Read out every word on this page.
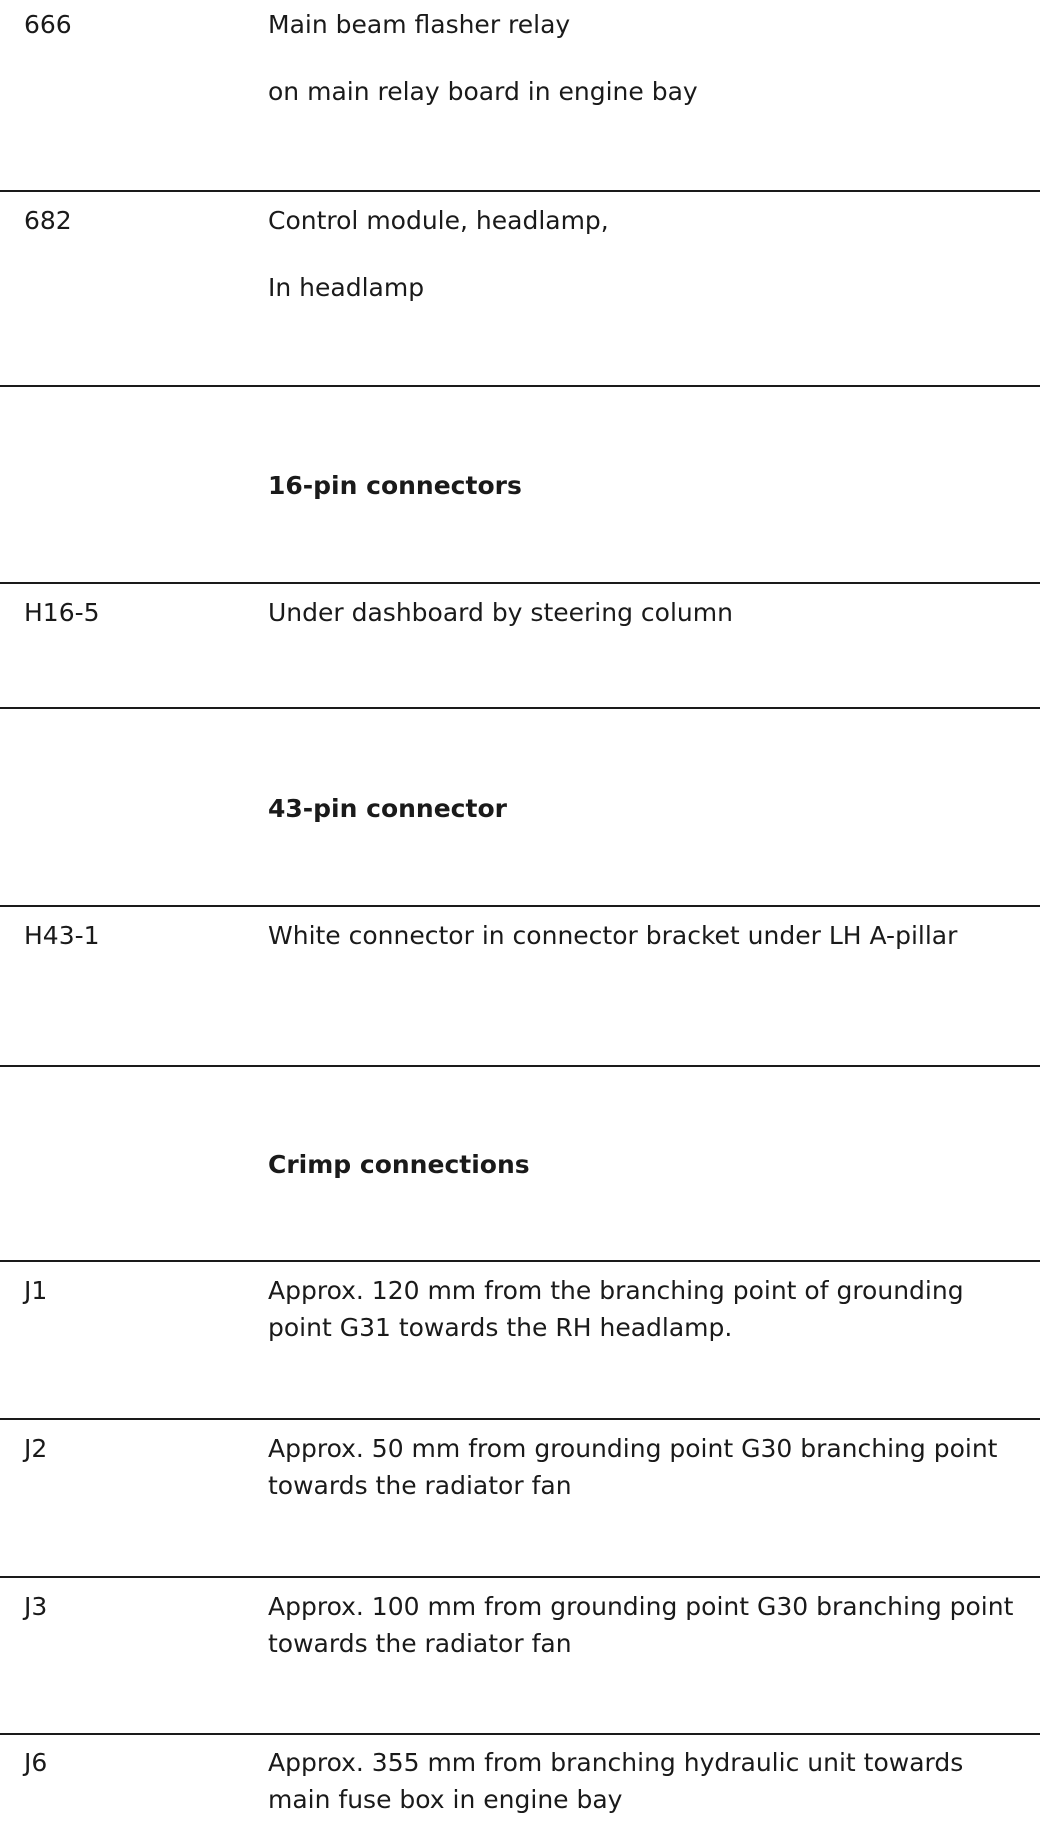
666	Main beam flasher relay

on main relay board in engine bay

682	Control module, headlamp,

In headlamp

16-pin connectors
H16-5	Under dashboard by steering column
43-pin connector
H43-1	White connector in connector bracket under LH A-pillar
Crimp connections
J1	Approx. 120 mm from the branching point of grounding point G31 towards the RH headlamp.
J2	Approx. 50 mm from grounding point G30 branching point towards the radiator fan
J3	Approx. 100 mm from grounding point G30 branching point towards the radiator fan
J6	Approx. 355 mm from branching hydraulic unit towards main fuse box in engine bay
